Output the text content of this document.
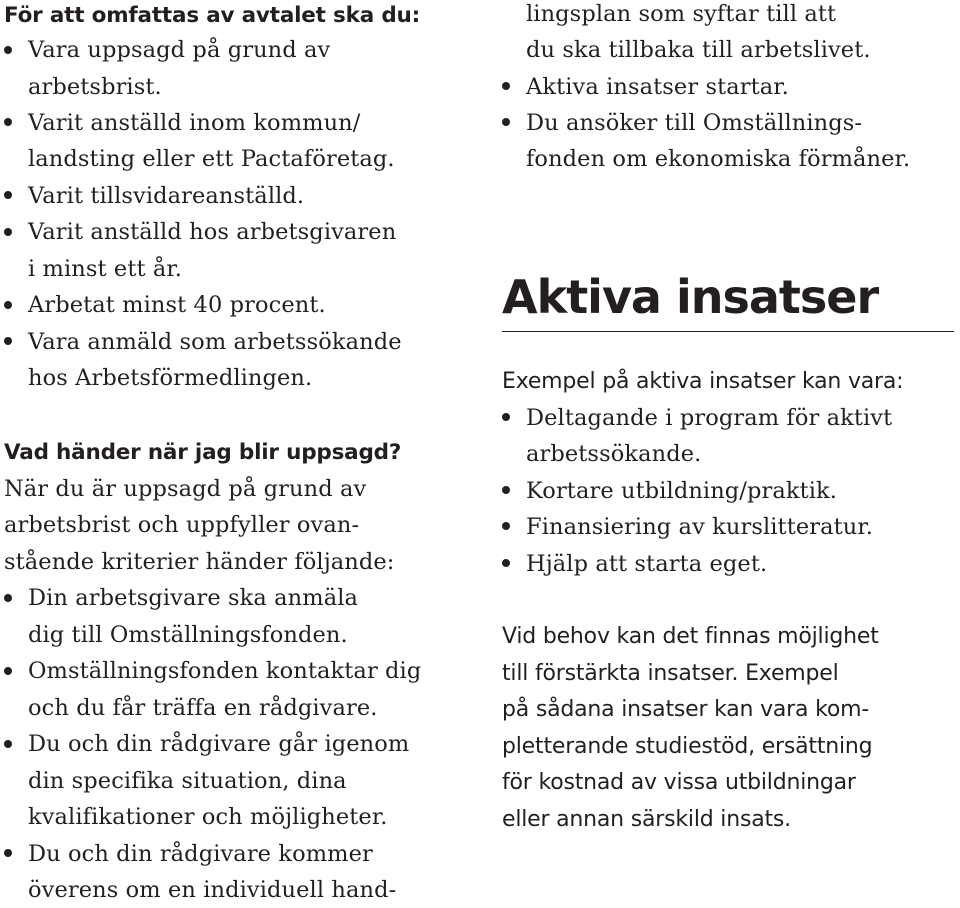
För att omfattas av avtalet ska du:
Vara uppsagd på grund av
arbetsbrist.
Varit anställd inom kommun/
landsting eller ett Pactaföretag.
Varit tillsvidareanställd.
Varit anställd hos arbetsgivaren
i minst ett år.
Arbetat minst 40 procent.
Vara anmäld som arbetssökande
hos Arbetsförmedlingen.
Vad händer när jag blir uppsagd?
När du är uppsagd på grund av
arbetsbrist och uppfyller ovan-
stående kriterier händer följande:
Din arbetsgivare ska anmäla
dig till Omställningsfonden.
Omställningsfonden kontaktar dig
och du får träffa en rådgivare.
Du och din rådgivare går igenom
din specifika situation, dina
kvalifikationer och möjligheter.
Du och din rådgivare kommer
överens om en individuell hand-
lingsplan som syftar till att
du ska tillbaka till arbetslivet.
Aktiva insatser startar.
Du ansöker till Omställnings-
fonden om ekonomiska förmåner.
Aktiva insatser
Exempel på aktiva insatser kan vara:
Deltagande i program för aktivt
arbetssökande.
Kortare utbildning/praktik.
Finansiering av kurslitteratur.
Hjälp att starta eget.
Vid behov kan det finnas möjlighet
till förstärkta insatser. Exempel
på sådana insatser kan vara kom-
pletterande studiestöd, ersättning
för kostnad av vissa utbildningar
eller annan särskild insats.
